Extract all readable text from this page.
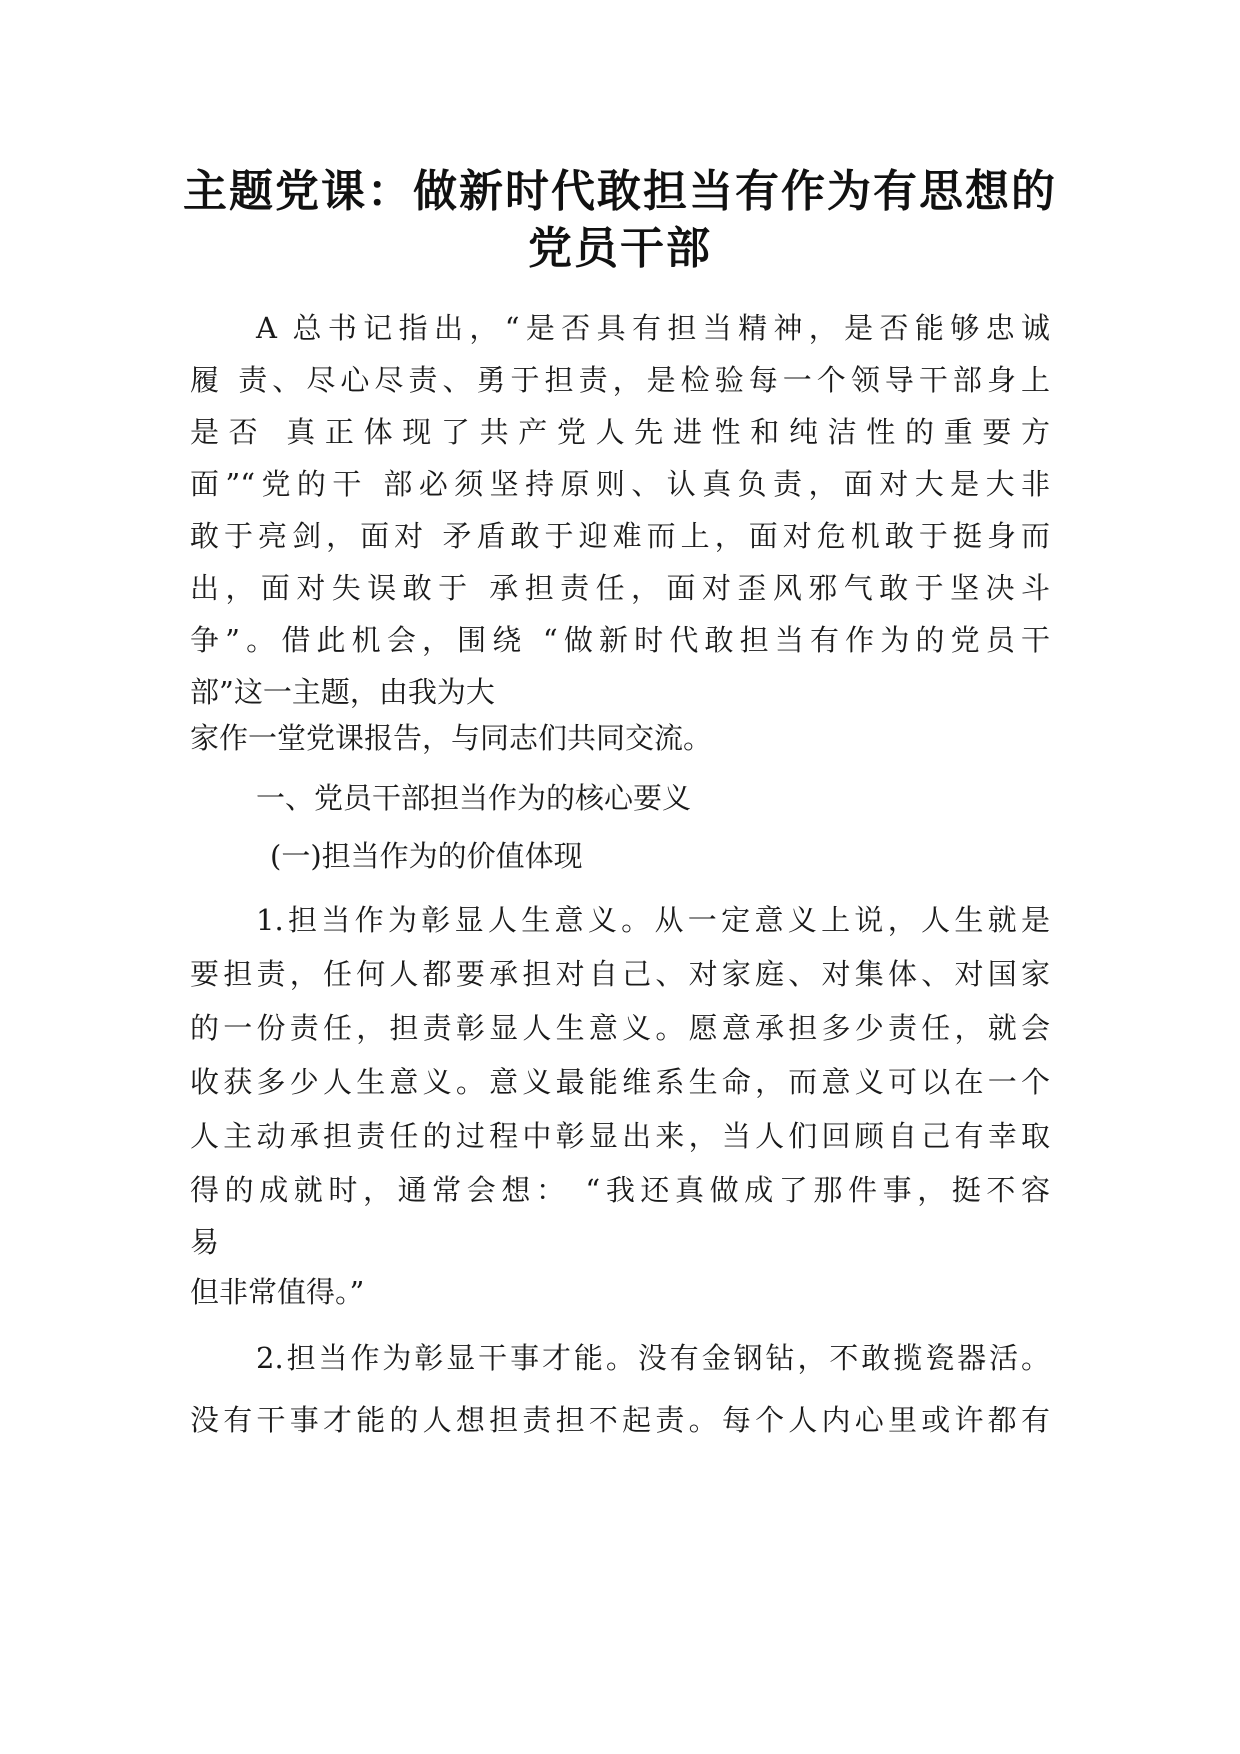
主题党课：做新时代敢担当有作为有思想的
党员干部
A 总书记指出，“是否具有担当精神，是否能够忠诚
履 责、尽心尽责、勇于担责，是检验每一个领导干部身上
是否 真正体现了共产党人先进性和纯洁性的重要方
面”“党的干 部必须坚持原则、认真负责，面对大是大非
敢于亮剑，面对 矛盾敢于迎难而上，面对危机敢于挺身而
出，面对失误敢于 承担责任，面对歪风邪气敢于坚决斗
争”。借此机会，围绕 “做新时代敢担当有作为的党员干
部”这一主题，由我为大
家作一堂党课报告，与同志们共同交流。
一、党员干部担当作为的核心要义
(一)担当作为的价值体现
1.担当作为彰显人生意义。从一定意义上说，人生就是
要担责，任何人都要承担对自己、对家庭、对集体、对国家
的一份责任，担责彰显人生意义。愿意承担多少责任，就会
收获多少人生意义。意义最能维系生命，而意义可以在一个
人主动承担责任的过程中彰显出来，当人们回顾自己有幸取
得的成就时，通常会想： “我还真做成了那件事，挺不容
易
但非常值得。”
2.担当作为彰显干事才能。没有金钢钻，不敢揽瓷器活。
没有干事才能的人想担责担不起责。每个人内心里或许都有
